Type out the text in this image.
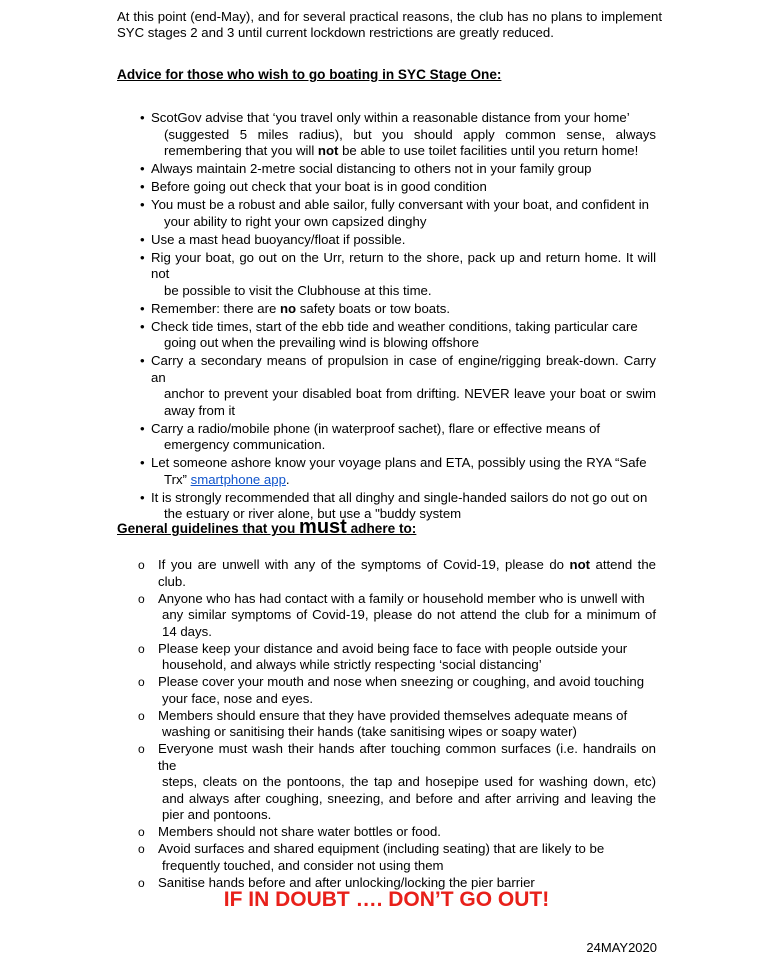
At this point (end-May), and for several practical reasons, the club has no plans to implement SYC stages 2 and 3 until current lockdown restrictions are greatly reduced.

Advice for those who wish to go boating in SYC Stage One:
• ScotGov advise that ‘you travel only within a reasonable distance from your home’
(suggested 5 miles radius), but you should apply common sense, always remembering that you will not be able to use toilet facilities until you return home!
• Always maintain 2-metre social distancing to others not in your family group
• Before going out check that your boat is in good condition
• You must be a robust and able sailor, fully conversant with your boat, and confident in
your ability to right your own capsized dinghy
• Use a mast head buoyancy/float if possible.
• Rig your boat, go out on the Urr, return to the shore, pack up and return home. It will not
be possible to visit the Clubhouse at this time.
• Remember: there are no safety boats or tow boats.
• Check tide times, start of the ebb tide and weather conditions, taking particular care
going out when the prevailing wind is blowing offshore
• Carry a secondary means of propulsion in case of engine/rigging break-down. Carry an
anchor to prevent your disabled boat from drifting. NEVER leave your boat or swim away from it
• Carry a radio/mobile phone (in waterproof sachet), flare or effective means of
emergency communication.
• Let someone ashore know your voyage plans and ETA, possibly using the RYA “Safe
Trx” smartphone app.
• It is strongly recommended that all dinghy and single-handed sailors do not go out on
the estuary or river alone, but use a "buddy system
General guidelines that you must adhere to:
o If you are unwell with any of the symptoms of Covid-19, please do not attend the club.
o Anyone who has had contact with a family or household member who is unwell with
any similar symptoms of Covid-19, please do not attend the club for a minimum of 14 days.
o Please keep your distance and avoid being face to face with people outside your
household, and always while strictly respecting ‘social distancing’
o Please cover your mouth and nose when sneezing or coughing, and avoid touching
your face, nose and eyes.
o Members should ensure that they have provided themselves adequate means of
washing or sanitising their hands (take sanitising wipes or soapy water)
o Everyone must wash their hands after touching common surfaces (i.e. handrails on the
steps, cleats on the pontoons, the tap and hosepipe used for washing down, etc) and always after coughing, sneezing, and before and after arriving and leaving the pier and pontoons.
o Members should not share water bottles or food.
o Avoid surfaces and shared equipment (including seating) that are likely to be
frequently touched, and consider not using them
o Sanitise hands before and after unlocking/locking the pier barrier
IF IN DOUBT …. DON’T GO OUT!
24MAY2020
